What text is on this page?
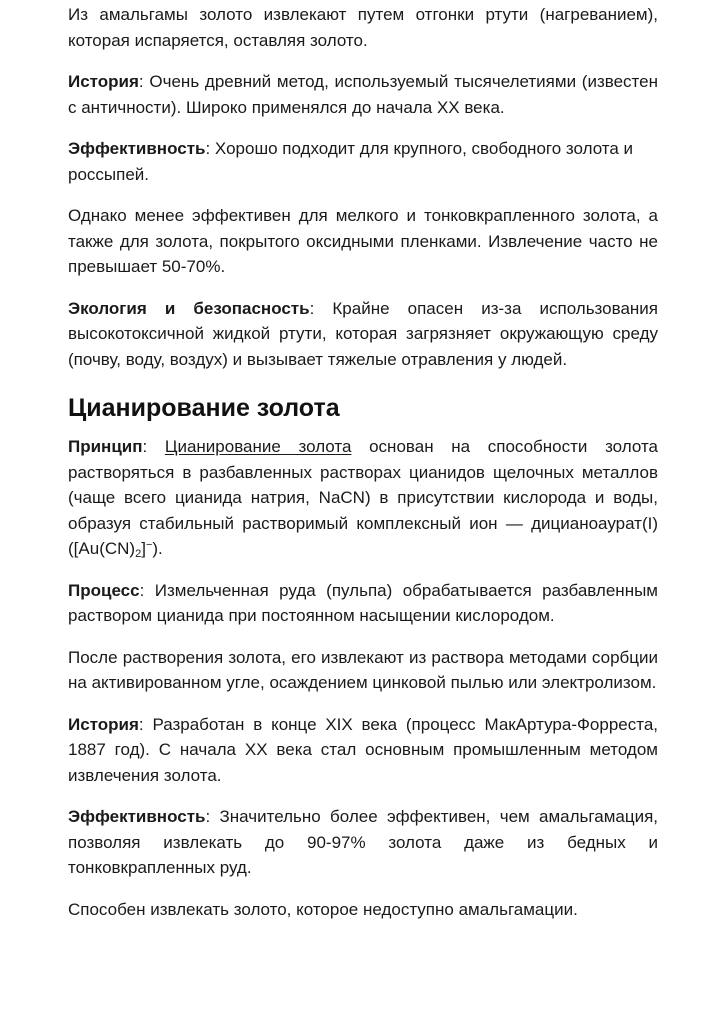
Из амальгамы золото извлекают путем отгонки ртути (нагреванием), которая испаряется, оставляя золото.

История: Очень древний метод, используемый тысячелетиями (известен с античности). Широко применялся до начала XX века.

Эффективность: Хорошо подходит для крупного, свободного золота и россыпей.

Однако менее эффективен для мелкого и тонковкрапленного золота, а также для золота, покрытого оксидными пленками. Извлечение часто не превышает 50-70%.

Экология и безопасность: Крайне опасен из-за использования высокотоксичной жидкой ртути, которая загрязняет окружающую среду (почву, воду, воздух) и вызывает тяжелые отравления у людей.

Цианирование золота

Принцип: Цианирование золота основан на способности золота растворяться в разбавленных растворах цианидов щелочных металлов (чаще всего цианида натрия, NaCN) в присутствии кислорода и воды, образуя стабильный растворимый комплексный ион — дицианоаурат(I) $([Au(CN)_2]^-)$.

Процесс: Измельченная руда (пульпа) обрабатывается разбавленным раствором цианида при постоянном насыщении кислородом.

После растворения золота, его извлекают из раствора методами сорбции на активированном угле, осаждением цинковой пылью или электролизом.

История: Разработан в конце XIX века (процесс МакАртура-Форреста, 1887 год). С начала XX века стал основным промышленным методом извлечения золота.

Эффективность: Значительно более эффективен, чем амальгамация, позволяя извлекать до 90-97% золота даже из бедных и тонковкрапленных руд.

Способен извлекать золото, которое недоступно амальгамации.
